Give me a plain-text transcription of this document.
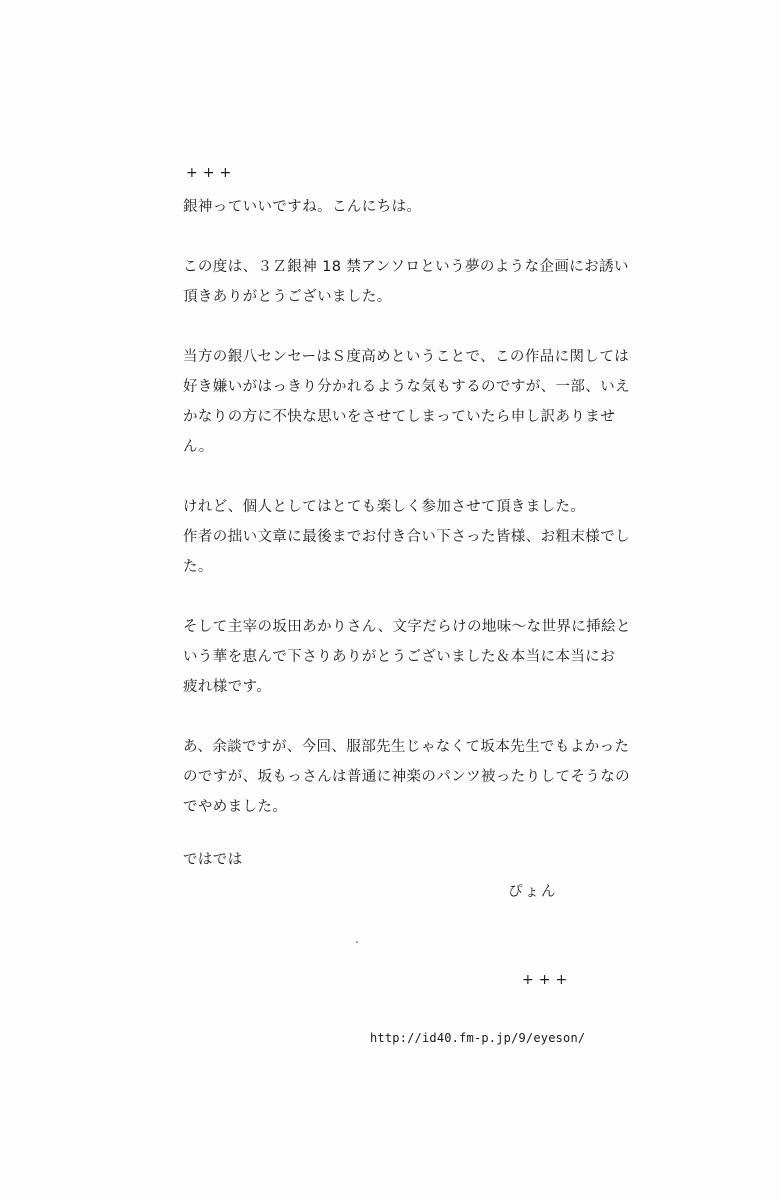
+++
銀神っていいですね。こんにちは。
この度は、３Ｚ銀神 18 禁アンソロという夢のような企画にお誘い
頂きありがとうございました。
当方の銀八センセーはＳ度高めということで、この作品に関しては
好き嫌いがはっきり分かれるような気もするのですが、一部、いえ
かなりの方に不快な思いをさせてしまっていたら申し訳ありませ
ん。
けれど、個人としてはとても楽しく参加させて頂きました。
作者の拙い文章に最後までお付き合い下さった皆様、お粗末様でし
た。
そして主宰の坂田あかりさん、文字だらけの地味～な世界に挿絵と
いう華を恵んで下さりありがとうございました＆本当に本当にお
疲れ様です。
あ、余談ですが、今回、服部先生じゃなくて坂本先生でもよかった
のですが、坂もっさんは普通に神楽のパンツ被ったりしてそうなの
でやめました。
ではでは
ぴょん
+++
http://id40.fm-p.jp/9/eyeson/
